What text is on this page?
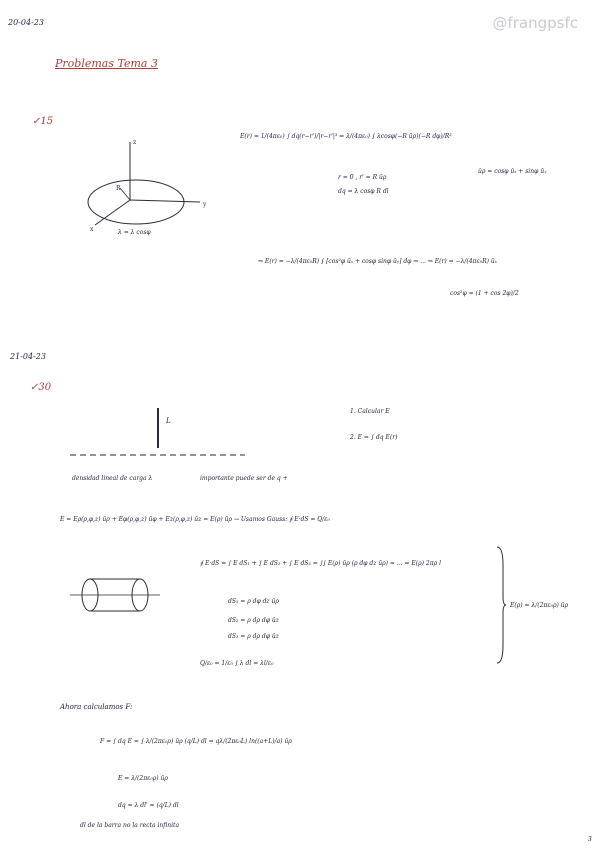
20-04-23	@frangpsfc
Problemas Tema 3
✓15
z
y
x
R
λ = λ cosφ
E(r) = 1/(4πε₀) ∫ dq(r−r')/|r−r'|³ = λ/(4πε₀) ∫ λcosφ(−R ūρ)(−R dφ)/R³
r = 0 , r' = R ūρ
dq = λ cosφ R dl
ūρ = cosφ ūₓ + sinφ ūᵧ
⇒ E(r) = −λ/(4πε₀R) ∫ [cos²φ ūₓ + cosφ sinφ ūᵧ] dφ ⇒ ... ⇒ E(r) = −λ/(4πε₀R) ūₓ
cos²φ = (1 + cos 2φ)/2
21-04-23
✓30
L
densidad lineal de carga λ	importante puede ser de q +
1. Calcular E
2. E = ∫ dq E(r)
E = Eρ(ρ,φ,z) ūρ + Eφ(ρ,φ,z) ūφ + Ez(ρ,φ,z) ūz = E(ρ) ūρ → Usamos Gauss: ∮ E·dS = Q/ε₀
∮ E·dS = ∫ E dS₁ + ∫ E dS₂ + ∫ E dS₃ = ∫∫ E(ρ) ūρ (ρ dφ dz ūρ) = ... = E(ρ) 2πρ l
dS₁ = ρ dφ dz ūρ
dS₂ = ρ dρ dφ ūz
dS₃ = ρ dρ dφ ūz
Q/ε₀ = 1/ε₀ ∫ λ dl = λl/ε₀
E(ρ) = λ/(2πε₀ρ) ūρ
Ahora calculamos F:
F = ∫ dq E = ∫ λ/(2πε₀ρ) ūρ (q/L) dl = qλ/(2πε₀L) ln((a+L)/a) ūρ
E = λ/(2πε₀ρ) ūρ
dq = λ dl' = (q/L) dl
dl de la barra no la recta infinita
3
